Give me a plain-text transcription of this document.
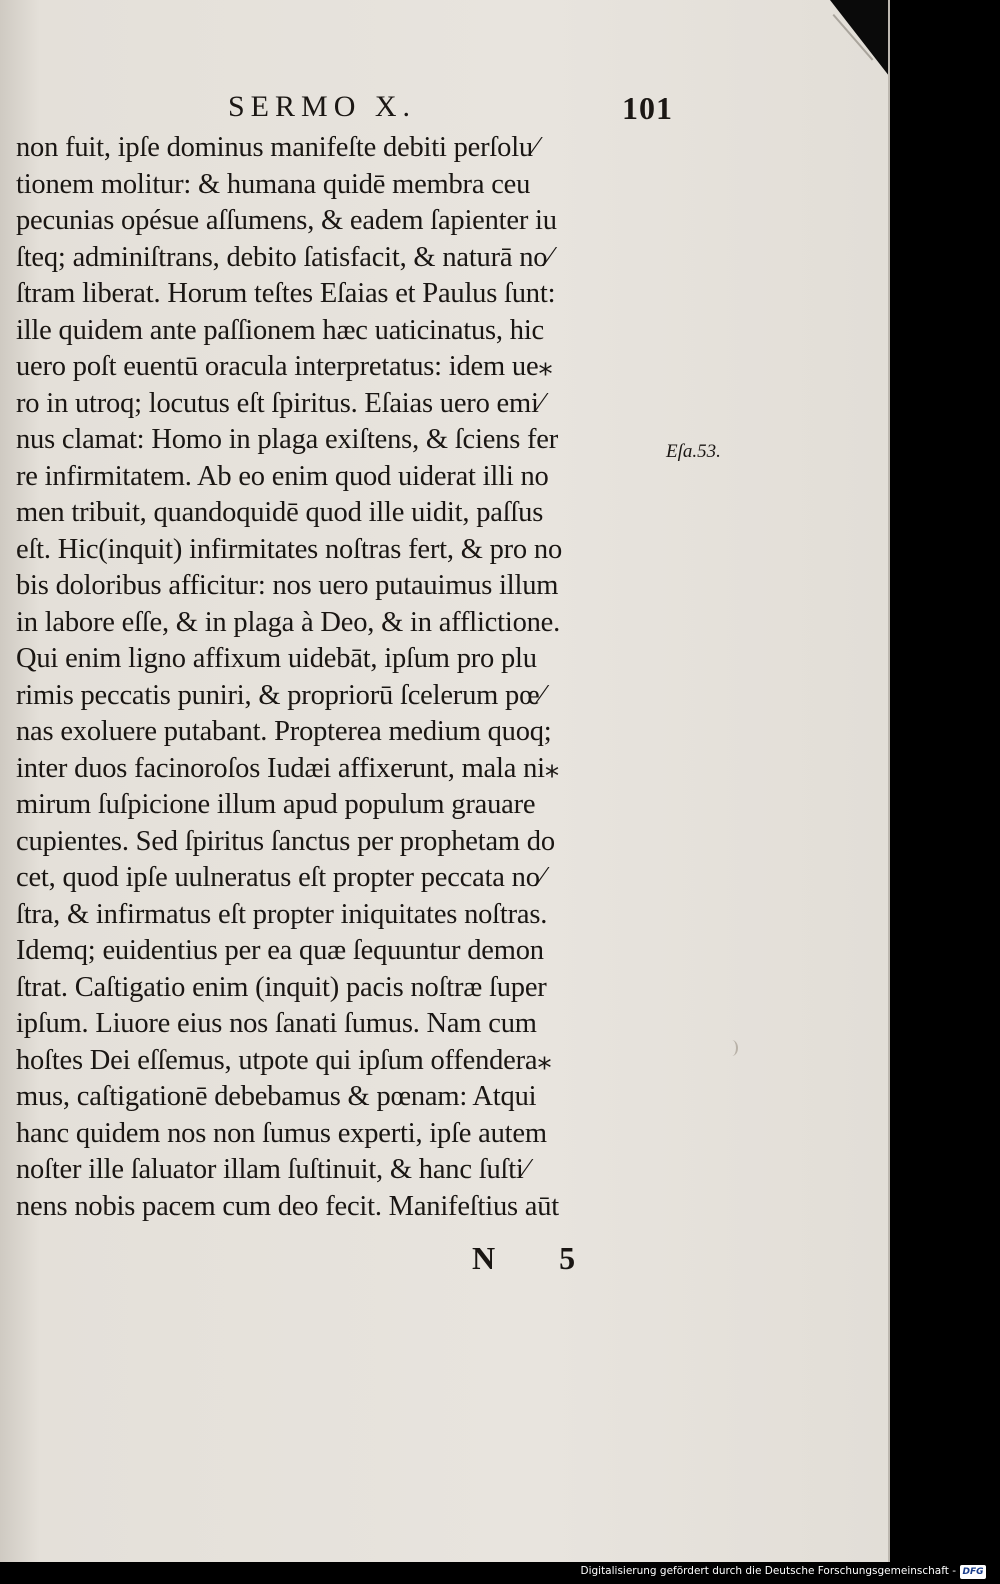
SERMO X.	101
non fuit, ipſe dominus manifeſte debiti perſolu⁄
tionem molitur: & humana quidē membra ceu
pecunias opésue aſſumens, & eadem ſapienter iu
ſteq; adminiſtrans, debito ſatisfacit, & naturā no⁄
ſtram liberat. Horum teſtes Eſaias et Paulus ſunt:
ille quidem ante paſſionem hæc uaticinatus, hic
uero poſt euentū oracula interpretatus: idem ue⁎
ro in utroq; locutus eſt ſpiritus. Eſaias uero emi⁄
nus clamat: Homo in plaga exiſtens, & ſciens fer
re infirmitatem. Ab eo enim quod uiderat illi no
men tribuit, quandoquidē quod ille uidit, paſſus
eſt. Hic(inquit) infirmitates noſtras fert, & pro no
bis doloribus afficitur: nos uero putauimus illum
in labore eſſe, & in plaga à Deo, & in afflictione.
Qui enim ligno affixum uidebāt, ipſum pro plu
rimis peccatis puniri, & propriorū ſcelerum pœ⁄
nas exoluere putabant. Propterea medium quoq;
inter duos facinoroſos Iudæi affixerunt, mala ni⁎
mirum ſuſpicione illum apud populum grauare
cupientes. Sed ſpiritus ſanctus per prophetam do
cet, quod ipſe uulneratus eſt propter peccata no⁄
ſtra, & infirmatus eſt propter iniquitates noſtras.
Idemq; euidentius per ea quæ ſequuntur demon
ſtrat. Caſtigatio enim (inquit) pacis noſtræ ſuper
ipſum. Liuore eius nos ſanati ſumus. Nam cum
hoſtes Dei eſſemus, utpote qui ipſum offendera⁎
mus, caſtigationē debebamus & pœnam: Atqui
hanc quidem nos non ſumus experti, ipſe autem
noſter ille ſaluator illam ſuſtinuit, & hanc ſuſti⁄
nens nobis pacem cum deo fecit. Manifeſtius aūt
Eſa.53.
N 5
Digitalisierung gefördert durch die Deutsche Forschungsgemeinschaft - DFG
